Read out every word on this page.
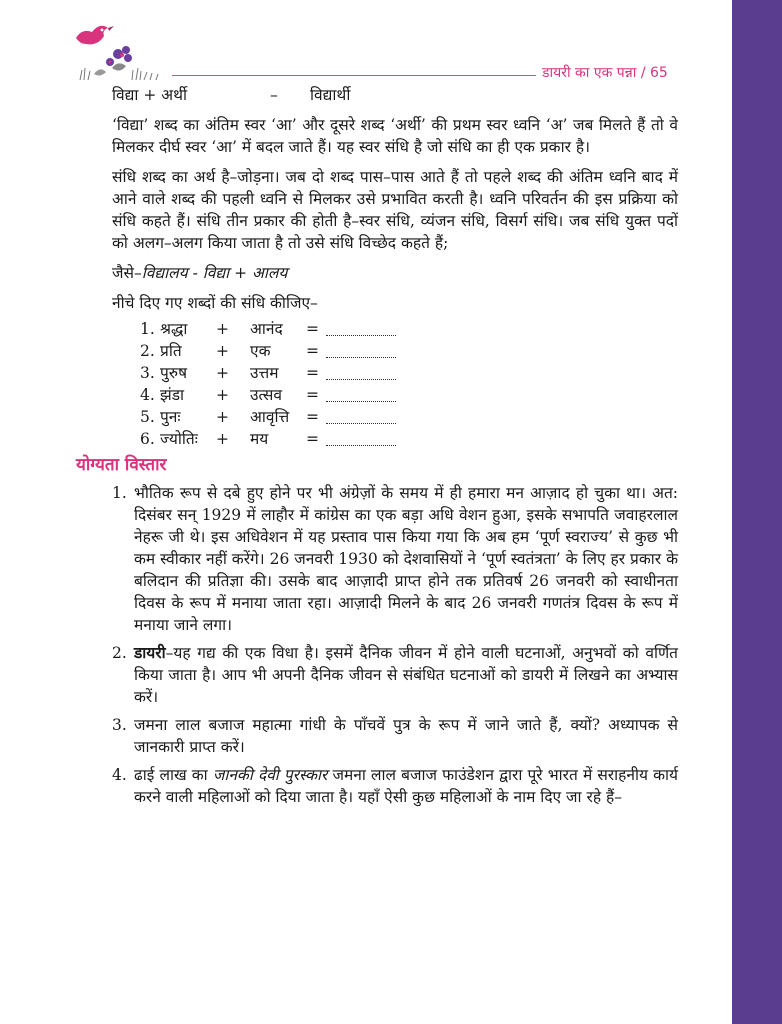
डायरी का एक पन्ना / 65
विद्या + अर्थी	–	विद्यार्थी

‘विद्या’ शब्द का अंतिम स्वर ‘आ’ और दूसरे शब्द ‘अर्थी’ की प्रथम स्वर ध्वनि ‘अ’ जब मिलते हैं तो वे मिलकर दीर्घ स्वर ‘आ’ में बदल जाते हैं। यह स्वर संधि है जो संधि का ही एक प्रकार है।

संधि शब्द का अर्थ है–जोड़ना। जब दो शब्द पास–पास आते हैं तो पहले शब्द की अंतिम ध्वनि बाद में आने वाले शब्द की पहली ध्वनि से मिलकर उसे प्रभावित करती है। ध्वनि परिवर्तन की इस प्रक्रिया को संधि कहते हैं। संधि तीन प्रकार की होती है–स्वर संधि, व्यंजन संधि, विसर्ग संधि। जब संधि युक्त पदों को अलग–अलग किया जाता है तो उसे संधि विच्छेद कहते हैं;

जैसे–विद्यालय - विद्या + आलय
नीचे दिए गए शब्दों की संधि कीजिए–
1. श्रद्धा	+	आनंद	=
2. प्रति	+	एक	=
3. पुरुष	+	उत्तम	=
4. झंडा	+	उत्सव	=
5. पुनः	+	आवृत्ति	=
6. ज्योतिः	+	मय	=
योग्यता विस्तार
1. भौतिक रूप से दबे हुए होने पर भी अंग्रेज़ों के समय में ही हमारा मन आज़ाद हो चुका था। अत: दिसंबर सन् 1929 में लाहौर में कांग्रेस का एक बड़ा अधि वेशन हुआ, इसके सभापति जवाहरलाल नेहरू जी थे। इस अधिवेशन में यह प्रस्ताव पास किया गया कि अब हम ‘पूर्ण स्वराज्य’ से कुछ भी कम स्वीकार नहीं करेंगे। 26 जनवरी 1930 को देशवासियों ने ‘पूर्ण स्वतंत्रता’ के लिए हर प्रकार के बलिदान की प्रतिज्ञा की। उसके बाद आज़ादी प्राप्त होने तक प्रतिवर्ष 26 जनवरी को स्वाधीनता दिवस के रूप में मनाया जाता रहा। आज़ादी मिलने के बाद 26 जनवरी गणतंत्र दिवस के रूप में मनाया जाने लगा।
2. डायरी–यह गद्य की एक विधा है। इसमें दैनिक जीवन में होने वाली घटनाओं, अनुभवों को वर्णित किया जाता है। आप भी अपनी दैनिक जीवन से संबंधित घटनाओं को डायरी में लिखने का अभ्यास करें।
3. जमना लाल बजाज महात्मा गांधी के पाँचवें पुत्र के रूप में जाने जाते हैं, क्यों? अध्यापक से जानकारी प्राप्त करें।
4. ढाई लाख का जानकी देवी पुरस्कार जमना लाल बजाज फाउंडेशन द्वारा पूरे भारत में सराहनीय कार्य करने वाली महिलाओं को दिया जाता है। यहाँ ऐसी कुछ महिलाओं के नाम दिए जा रहे हैं–
